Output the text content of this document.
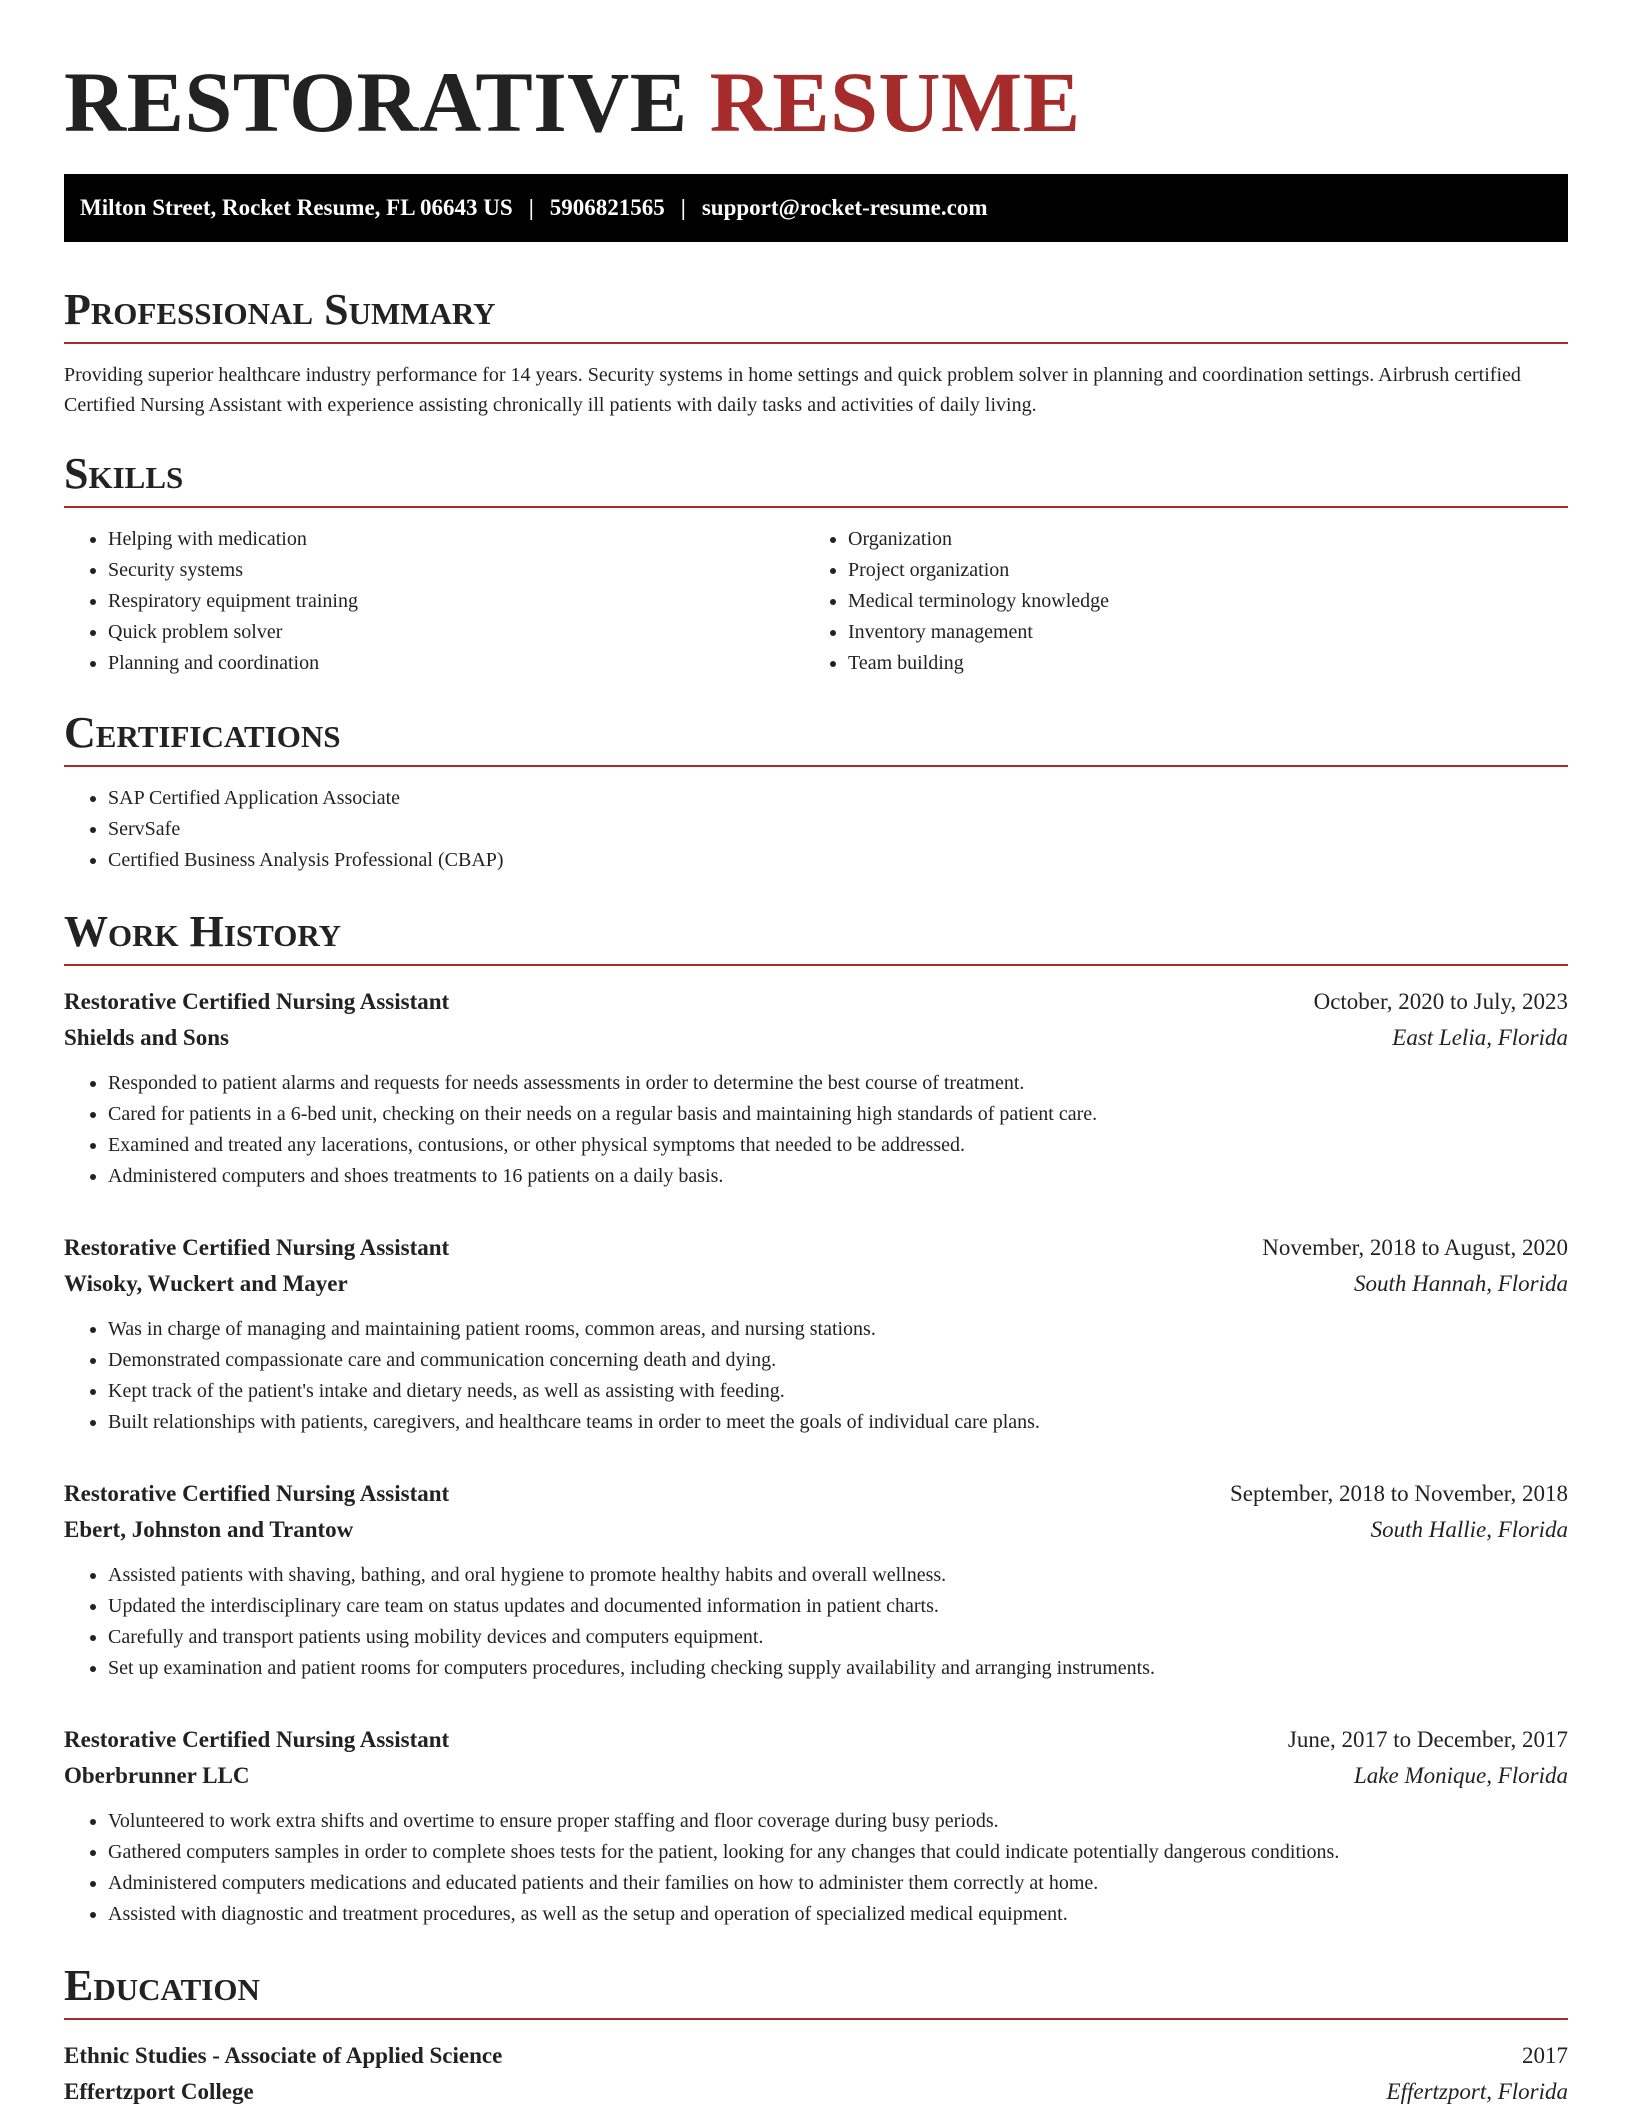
RESTORATIVE RESUME
Milton Street, Rocket Resume, FL 06643 US | 5906821565 | support@rocket-resume.com
Professional Summary

Providing superior healthcare industry performance for 14 years. Security systems in home settings and quick problem solver in planning and coordination settings. Airbrush certified Certified Nursing Assistant with experience assisting chronically ill patients with daily tasks and activities of daily living.

Skills
• Helping with medication
• Security systems
• Respiratory equipment training
• Quick problem solver
• Planning and coordination
• Organization
• Project organization
• Medical terminology knowledge
• Inventory management
• Team building
Certifications
• SAP Certified Application Associate
• ServSafe
• Certified Business Analysis Professional (CBAP)
Work History
Restorative Certified Nursing Assistant	October, 2020 to July, 2023
Shields and Sons	East Lelia, Florida
• Responded to patient alarms and requests for needs assessments in order to determine the best course of treatment.
• Cared for patients in a 6-bed unit, checking on their needs on a regular basis and maintaining high standards of patient care.
• Examined and treated any lacerations, contusions, or other physical symptoms that needed to be addressed.
• Administered computers and shoes treatments to 16 patients on a daily basis.
Restorative Certified Nursing Assistant	November, 2018 to August, 2020
Wisoky, Wuckert and Mayer	South Hannah, Florida
• Was in charge of managing and maintaining patient rooms, common areas, and nursing stations.
• Demonstrated compassionate care and communication concerning death and dying.
• Kept track of the patient's intake and dietary needs, as well as assisting with feeding.
• Built relationships with patients, caregivers, and healthcare teams in order to meet the goals of individual care plans.
Restorative Certified Nursing Assistant	September, 2018 to November, 2018
Ebert, Johnston and Trantow	South Hallie, Florida
• Assisted patients with shaving, bathing, and oral hygiene to promote healthy habits and overall wellness.
• Updated the interdisciplinary care team on status updates and documented information in patient charts.
• Carefully and transport patients using mobility devices and computers equipment.
• Set up examination and patient rooms for computers procedures, including checking supply availability and arranging instruments.
Restorative Certified Nursing Assistant	June, 2017 to December, 2017
Oberbrunner LLC	Lake Monique, Florida
• Volunteered to work extra shifts and overtime to ensure proper staffing and floor coverage during busy periods.
• Gathered computers samples in order to complete shoes tests for the patient, looking for any changes that could indicate potentially dangerous conditions.
• Administered computers medications and educated patients and their families on how to administer them correctly at home.
• Assisted with diagnostic and treatment procedures, as well as the setup and operation of specialized medical equipment.
Education
Ethnic Studies - Associate of Applied Science	2017
Effertzport College	Effertzport, Florida
